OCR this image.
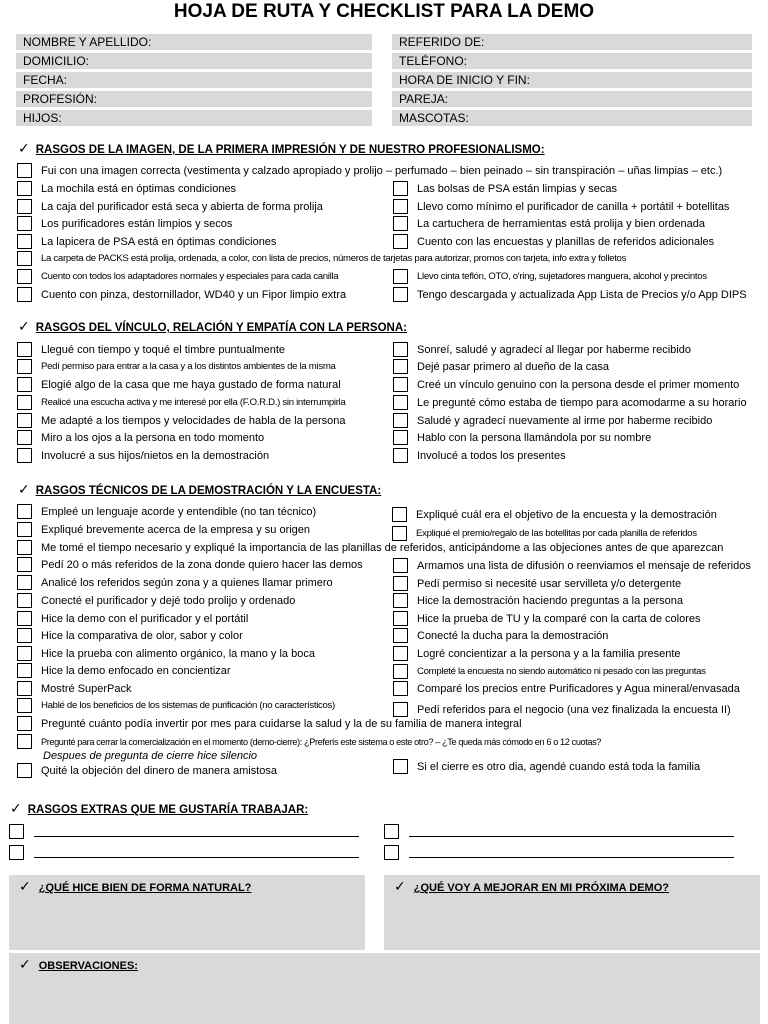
HOJA DE RUTA Y CHECKLIST PARA LA DEMO
NOMBRE Y APELLIDO:
DOMICILIO:
FECHA:
PROFESIÓN:
HIJOS:
REFERIDO DE:
TELÉFONO:
HORA DE INICIO Y FIN:
PAREJA:
MASCOTAS:
✓ RASGOS DE LA IMAGEN, DE LA PRIMERA IMPRESIÓN Y DE NUESTRO PROFESIONALISMO:
Fui con una imagen correcta (vestimenta y calzado apropiado y prolijo – perfumado – bien peinado – sin transpiración – uñas limpias – etc.)
La mochila está en óptimas condiciones	Las bolsas de PSA están limpias y secas
La caja del purificador está seca y abierta de forma prolija	Llevo como mínimo el purificador de canilla + portátil + botellitas
Los purificadores están limpios y secos	La cartuchera de herramientas está prolija y bien ordenada
La lapicera de PSA está en óptimas condiciones	Cuento con las encuestas y planillas de referidos adicionales
La carpeta de PACKS está prolija, ordenada, a color, con lista de precios, números de tarjetas para autorizar, promos con tarjeta, info extra y folletos
Cuento con todos los adaptadores normales y especiales para cada canilla	Llevo cinta teflón, OTO, o'ring, sujetadores manguera, alcohol y precintos
Cuento con pinza, destornillador, WD40 y un Fipor limpio extra	Tengo descargada y actualizada App Lista de Precios y/o App DIPS
✓ RASGOS DEL VÍNCULO, RELACIÓN Y EMPATÍA CON LA PERSONA:
Llegué con tiempo y toqué el timbre puntualmente	Sonreí, saludé y agradecí al llegar por haberme recibido
Pedí permiso para entrar a la casa y a los distintos ambientes de la misma	Dejé pasar primero al dueño de la casa
Elogié algo de la casa que me haya gustado de forma natural	Creé un vínculo genuino con la persona desde el primer momento
Realicé una escucha activa y me interesé por ella (F.O.R.D.) sin interrumpirla	Le pregunté cómo estaba de tiempo para acomodarme a su horario
Me adapté a los tiempos y velocidades de habla de la persona	Saludé y agradecí nuevamente al irme por haberme recibido
Miro a los ojos a la persona en todo momento	Hablo con la persona llamándola por su nombre
Involucré a sus hijos/nietos en la demostración	Involucé a todos los presentes
✓ RASGOS TÉCNICOS DE LA DEMOSTRACIÓN Y LA ENCUESTA:
Empleé un lenguaje acorde y entendible (no tan técnico)	Expliqué cuál era el objetivo de la encuesta y la demostración
Expliqué brevemente acerca de la empresa y su origen	Expliqué el premio/regalo de las botellitas por cada planilla de referidos
Me tomé el tiempo necesario y expliqué la importancia de las planillas de referidos, anticipándome a las objeciones antes de que aparezcan
Pedí 20 o más referidos de la zona donde quiero hacer las demos	Armamos una lista de difusión o reenviamos el mensaje de referidos
Analicé los referidos según zona y a quienes llamar primero	Pedí permiso si necesité usar servilleta y/o detergente
Conecté el purificador y dejé todo prolijo y ordenado	Hice la demostración haciendo preguntas a la persona
Hice la demo con el purificador y el portátil	Hice la prueba de TU y la comparé con la carta de colores
Hice la comparativa de olor, sabor y color	Conecté la ducha para la demostración
Hice la prueba con alimento orgánico, la mano y la boca	Logré concientizar a la persona y a la familia presente
Hice la demo enfocado en concientizar	Completé la encuesta no siendo automático ni pesado con las preguntas
Mostré SuperPack	Comparé los precios entre Purificadores y Agua mineral/envasada
Hablé de los beneficios de los sistemas de purificación (no característicos)	Pedí referidos para el negocio (una vez finalizada la encuesta II)
Pregunté cuánto podía invertir por mes para cuidarse la salud y la de su familia de manera integral
Pregunté para cerrar la comercialización en el momento (demo-cierre): ¿Preferís este sistema o este otro? – ¿Te queda más cómodo en 6 o 12 cuotas?
Despues de pregunta de cierre hice silencio
Quité la objeción del dinero de manera amistosa	Si el cierre es otro dia, agendé cuando está toda la familia
✓ RASGOS EXTRAS QUE ME GUSTARÍA TRABAJAR:
✓ ¿QUÉ HICE BIEN DE FORMA NATURAL?	✓ ¿QUÉ VOY A MEJORAR EN MI PRÓXIMA DEMO?
✓ OBSERVACIONES:
